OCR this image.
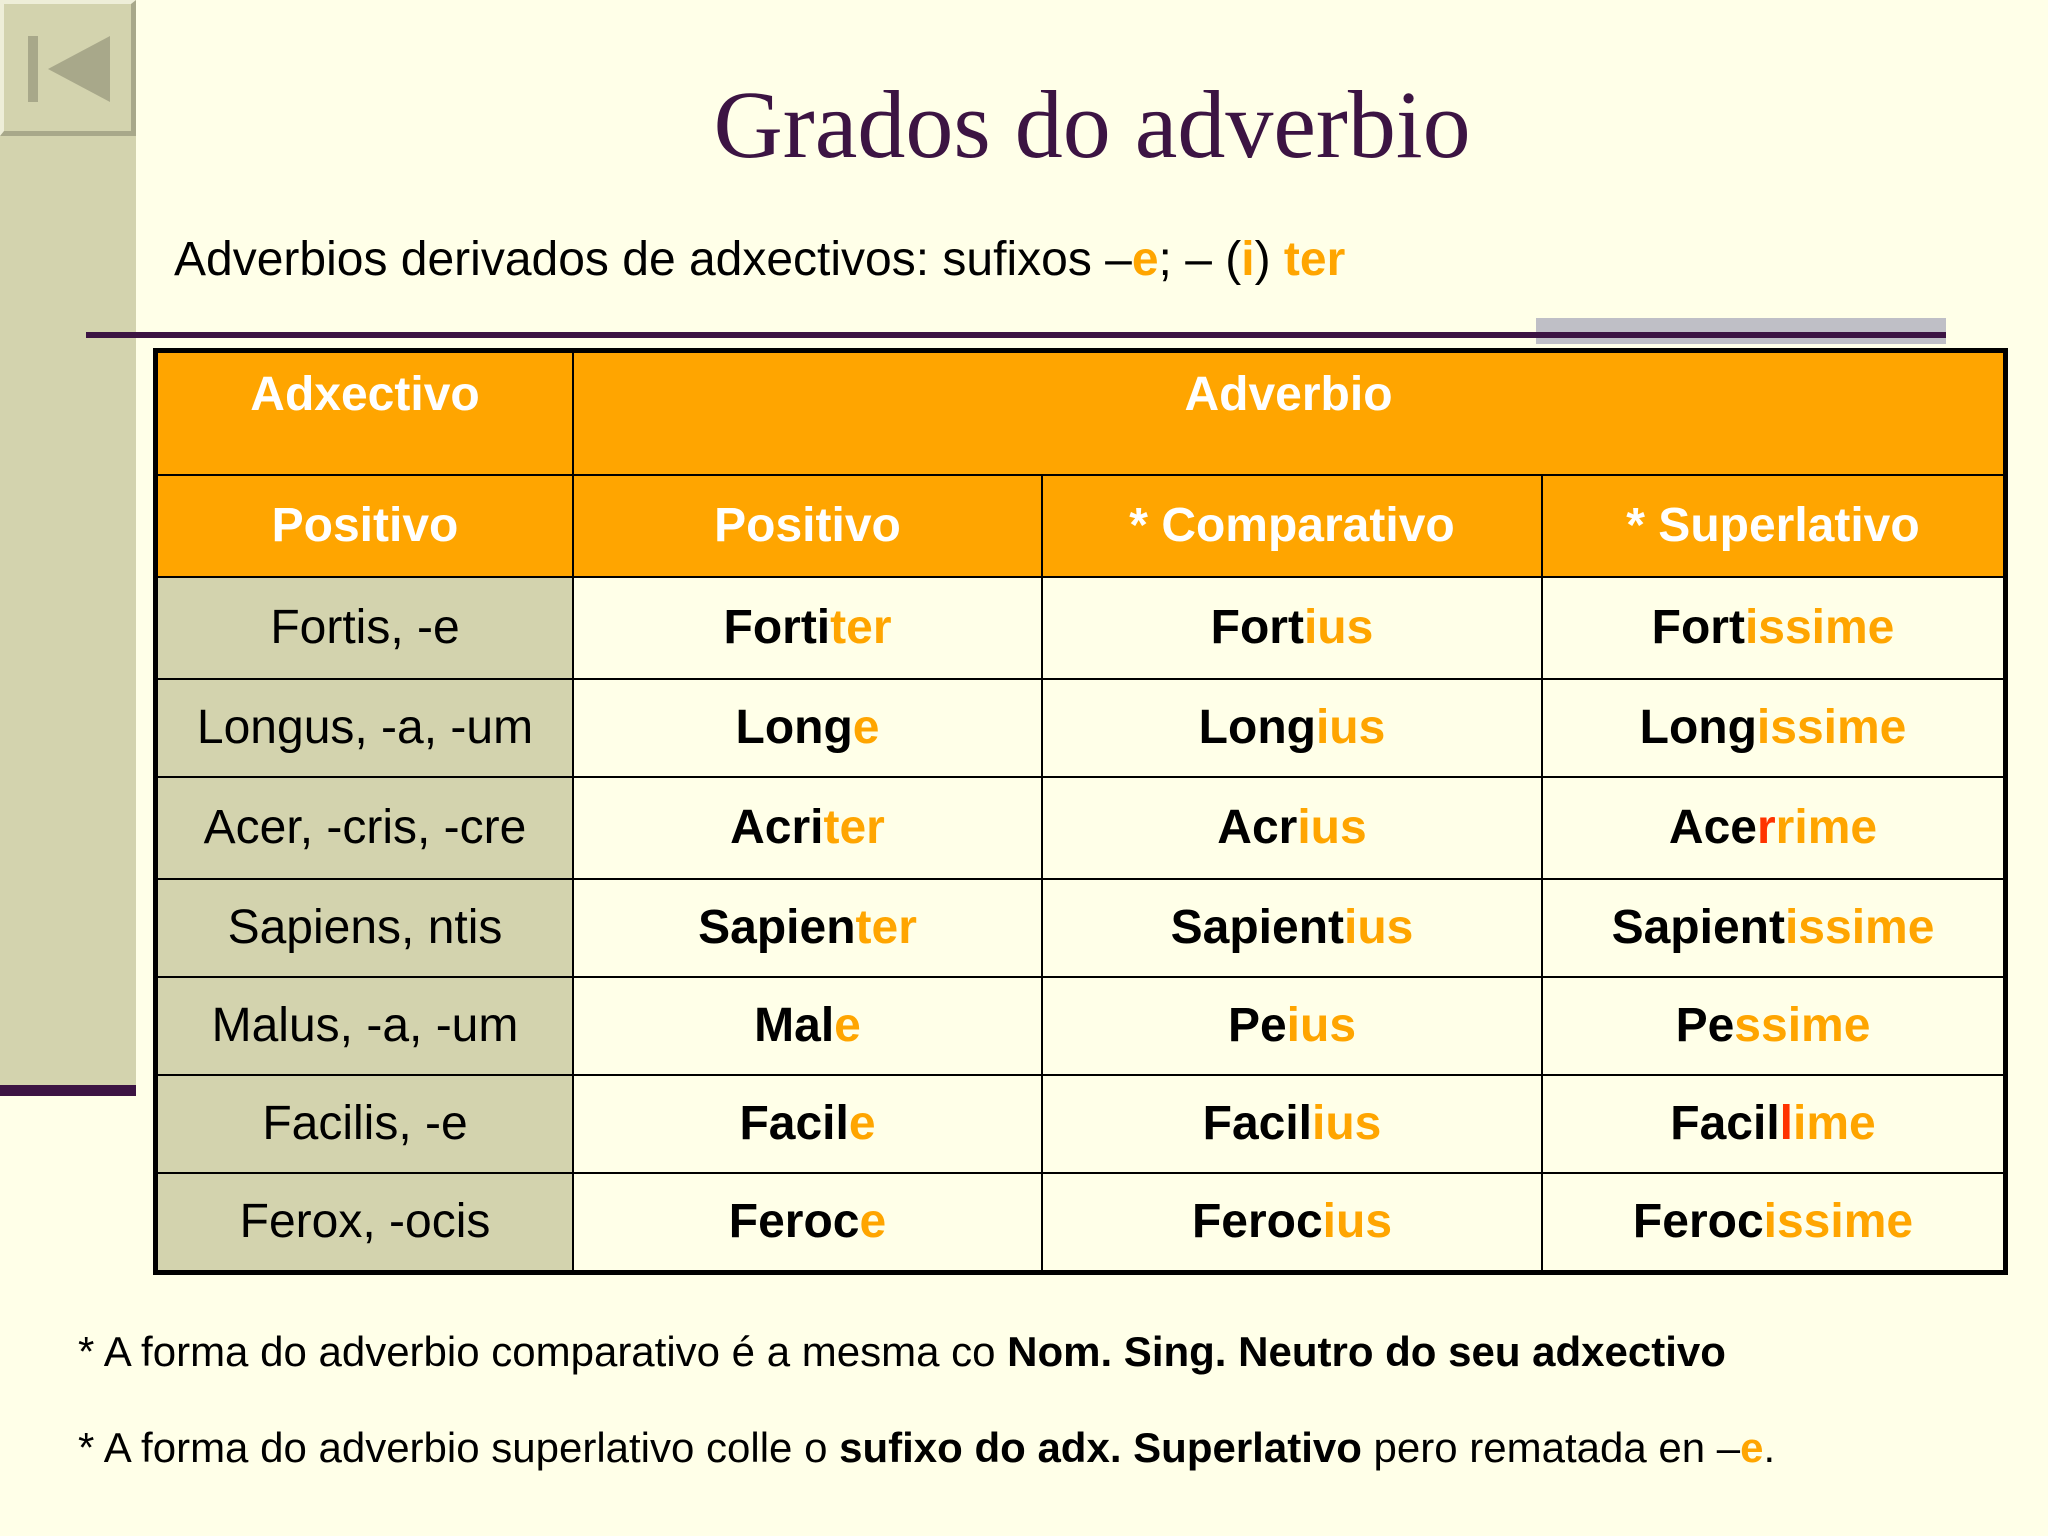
Grados do adverbio
Adverbios derivados de adxectivos: sufixos –e; – (i) ter
Adxectivo	Adverbio		
Positivo	Positivo	* Comparativo	* Superlativo
Fortis, -e	Fortiter	Fortius	Fortissime
Longus, -a, -um	Longe	Longius	Longissime
Acer, -cris, -cre	Acriter	Acrius	Acerrime
Sapiens, ntis	Sapienter	Sapientius	Sapientissime
Malus, -a, -um	Male	Peius	Pessime
Facilis, -e	Facile	Facilius	Facillime
Ferox, -ocis	Feroce	Ferocius	Ferocissime
* A forma do adverbio comparativo é a mesma co Nom. Sing. Neutro do seu adxectivo
* A forma do adverbio superlativo colle o sufixo do adx. Superlativo pero rematada en –e.
